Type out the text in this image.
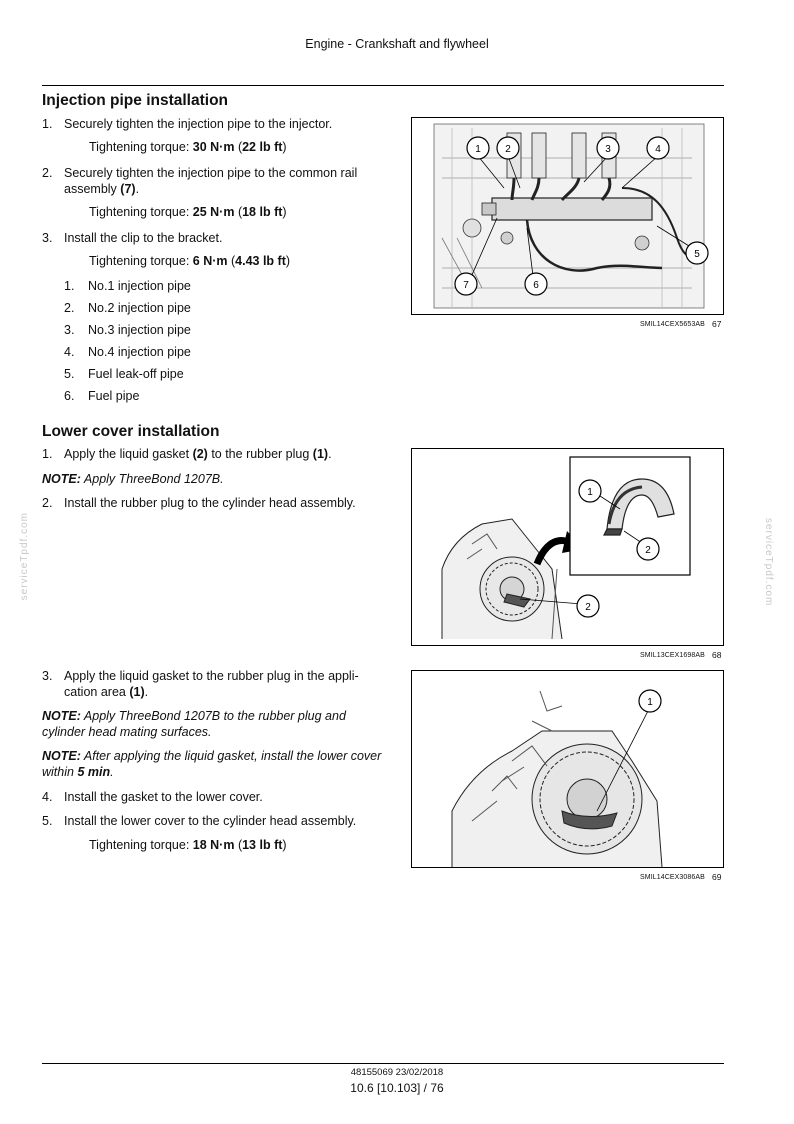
Engine - Crankshaft and flywheel
serviceTpdf.com	serviceTpdf.com
Injection pipe installation
1. Securely tighten the injection pipe to the injector.
Tightening torque: 30 N·m (22 lb ft)
2. Securely tighten the injection pipe to the common rail assembly (7).
Tightening torque: 25 N·m (18 lb ft)
3. Install the clip to the bracket.
Tightening torque: 6 N·m (4.43 lb ft)
1. No.1 injection pipe
2. No.2 injection pipe
3. No.3 injection pipe
4. No.4 injection pipe
5. Fuel leak-off pipe
6. Fuel pipe
1 2	3	4
5
6
7
SMIL14CEX5653AB 67
Lower cover installation
1. Apply the liquid gasket (2) to the rubber plug (1).
NOTE: Apply ThreeBond 1207B.
2. Install the rubber plug to the cylinder head assembly.
1
2
2
SMIL13CEX1698AB 68
3. Apply the liquid gasket to the rubber plug in the appli-cation area (1).
NOTE: Apply ThreeBond 1207B to the rubber plug and cylinder head mating surfaces.
NOTE: After applying the liquid gasket, install the lower cover within 5 min.
4. Install the gasket to the lower cover.
5. Install the lower cover to the cylinder head assembly.
Tightening torque: 18 N·m (13 lb ft)
1
SMIL14CEX3086AB 69
48155069 23/02/2018
10.6 [10.103] / 76
